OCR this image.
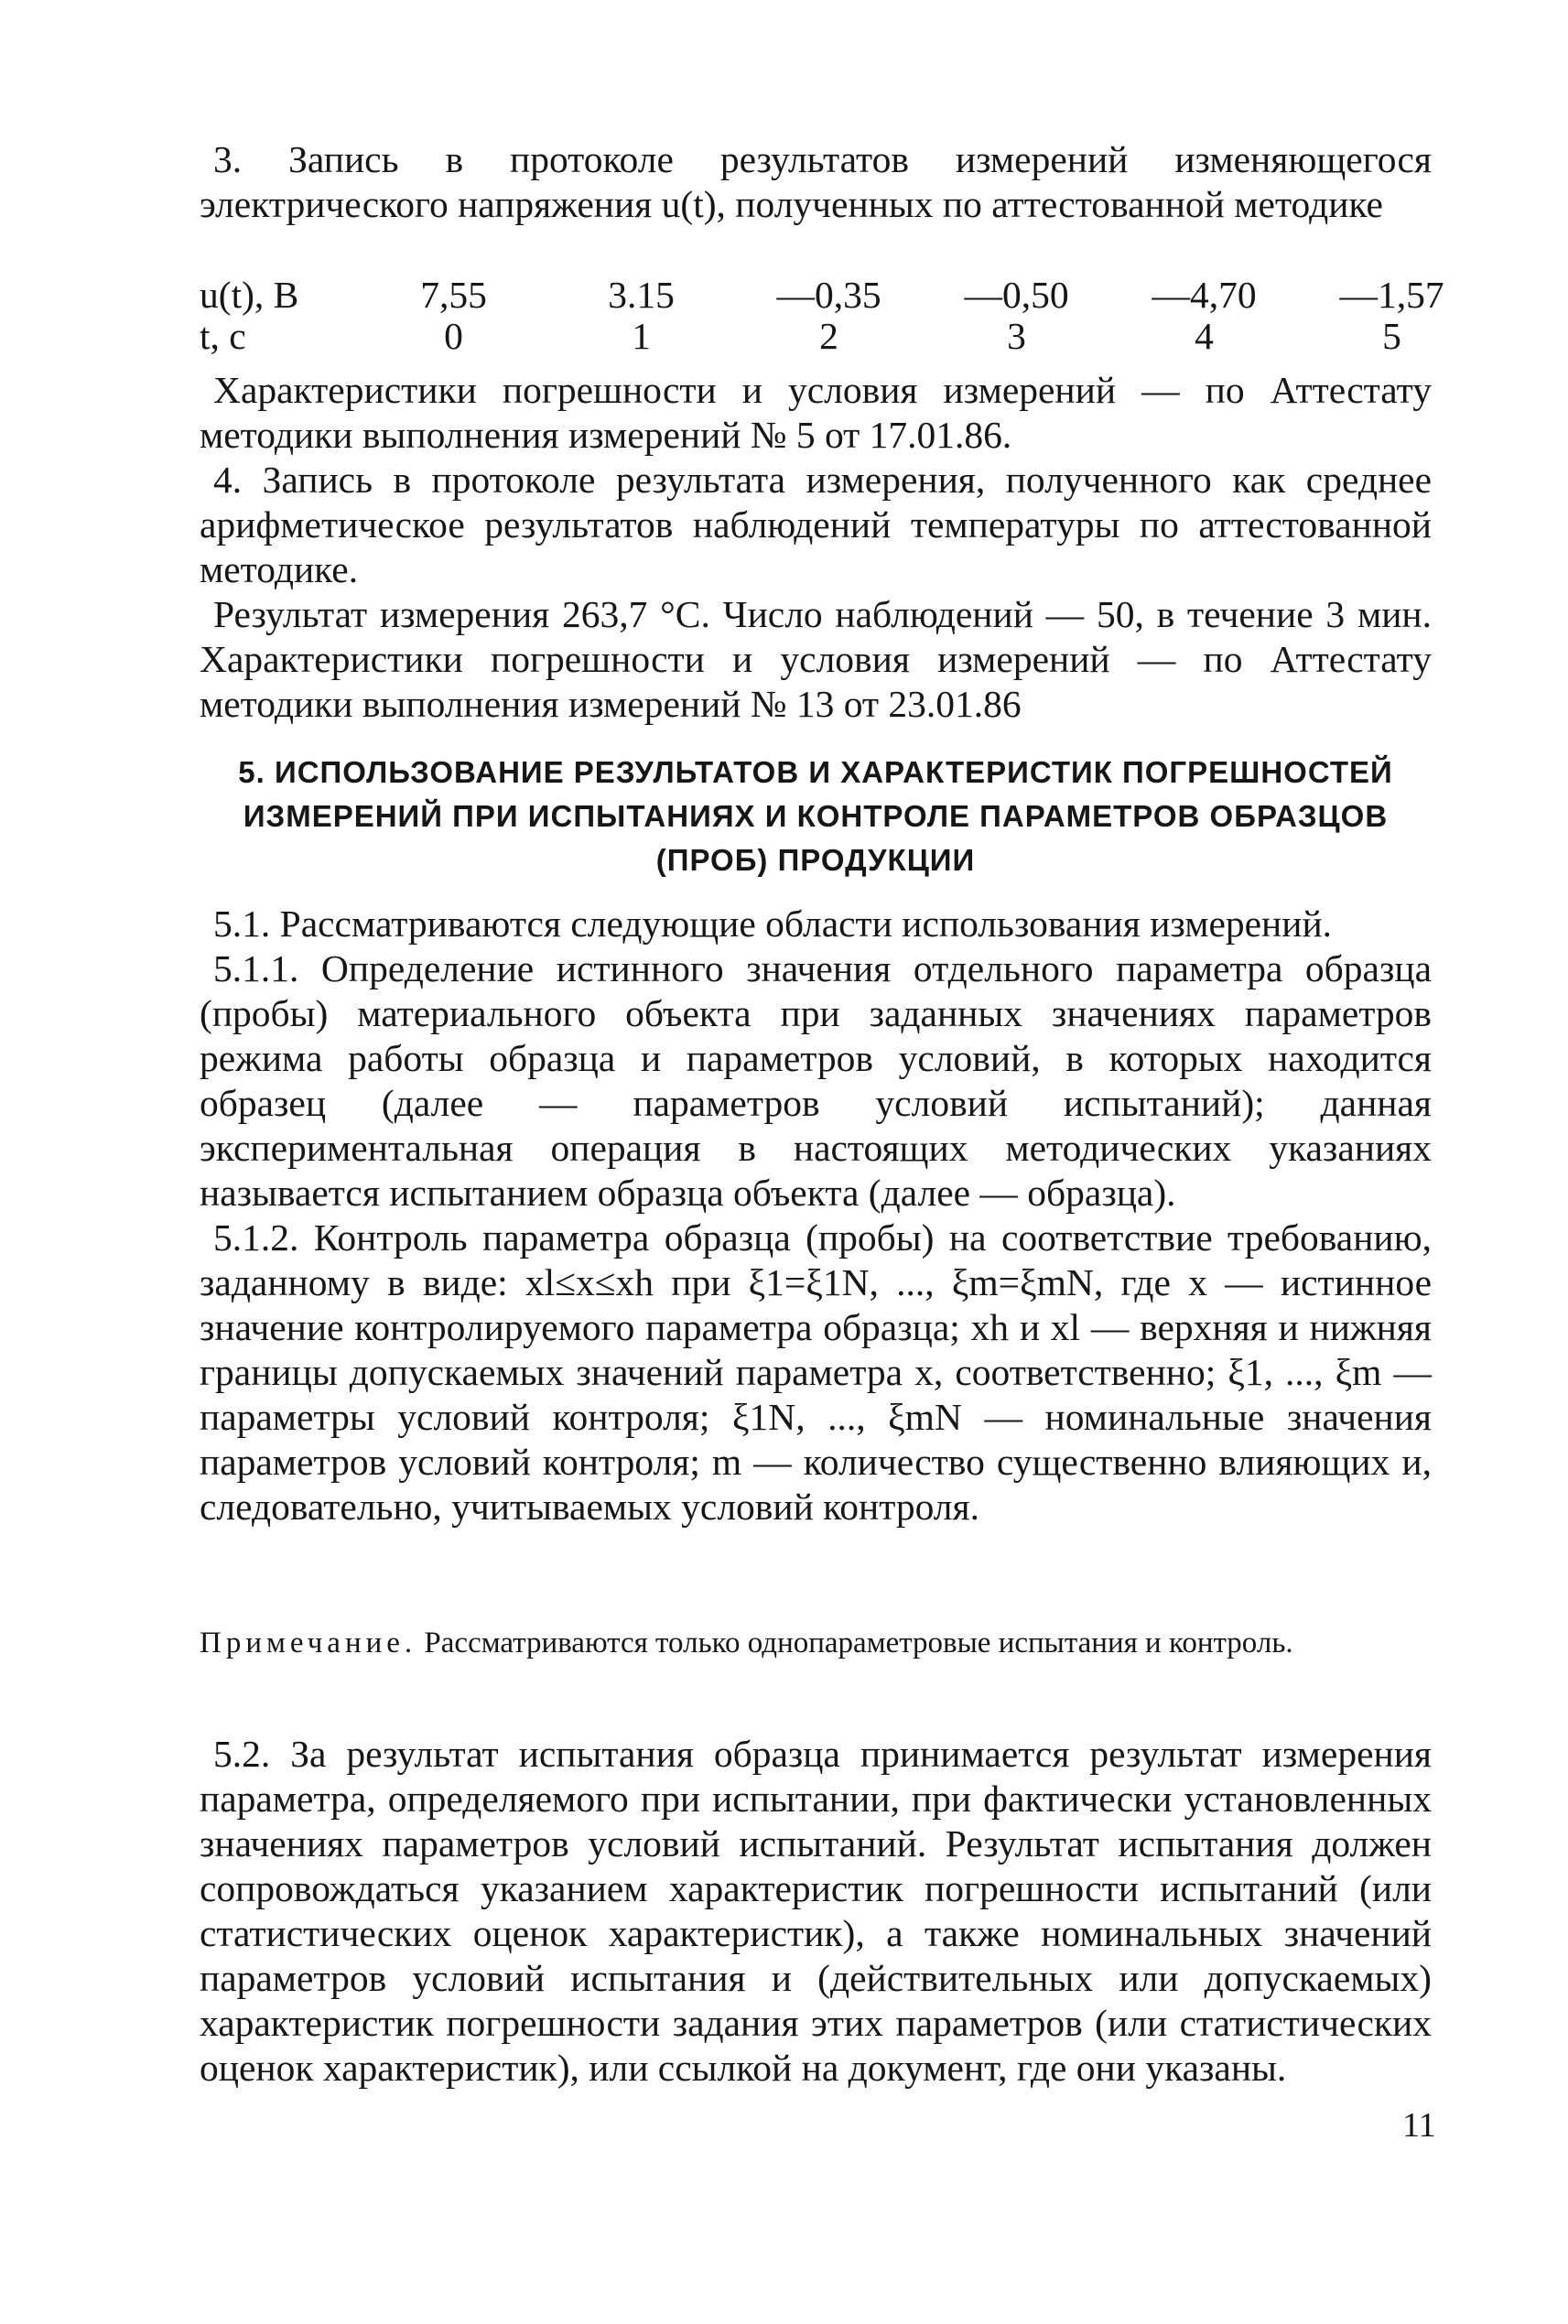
3. Запись в протоколе результатов измерений изменяющегося электрического напряжения u(t), полученных по аттестованной методике

u(t), В	7,55	3.15	—0,35	—0,50	—4,70	—1,57
t, c	0	1	2	3	4	5

Характеристики погрешности и условия измерений — по Аттестату методики выполнения измерений № 5 от 17.01.86.

4. Запись в протоколе результата измерения, полученного как среднее арифметическое результатов наблюдений температуры по аттестованной методике.

Результат измерения 263,7 °С. Число наблюдений — 50, в течение 3 мин. Характеристики погрешности и условия измерений — по Аттестату методики выполнения измерений № 13 от 23.01.86

5. ИСПОЛЬЗОВАНИЕ РЕЗУЛЬТАТОВ И ХАРАКТЕРИСТИК ПОГРЕШНОСТЕЙ
ИЗМЕРЕНИЙ ПРИ ИСПЫТАНИЯХ И КОНТРОЛЕ ПАРАМЕТРОВ ОБРАЗЦОВ
(ПРОБ) ПРОДУКЦИИ

5.1. Рассматриваются следующие области использования измерений.

5.1.1. Определение истинного значения отдельного параметра образца (пробы) материального объекта при заданных значениях параметров режима работы образца и параметров условий, в которых находится образец (далее — параметров условий испытаний); данная экспериментальная операция в настоящих методических указаниях называется испытанием образца объекта (далее — образца).

5.1.2. Контроль параметра образца (пробы) на соответствие требованию, заданному в виде: xl≤x≤xh при ξ1=ξ1N, ..., ξm=ξmN, где x — истинное значение контролируемого параметра образца; xh и xl — верхняя и нижняя границы допускаемых значений параметра x, соответственно; ξ1, ..., ξm — параметры условий контроля; ξ1N, ..., ξmN — номинальные значения параметров условий контроля; m — количество существенно влияющих и, следовательно, учитываемых условий контроля.

Примечание. Рассматриваются только однопараметровые испытания и контроль.

5.2. За результат испытания образца принимается результат измерения параметра, определяемого при испытании, при фактически установленных значениях параметров условий испытаний. Результат испытания должен сопровождаться указанием характеристик погрешности испытаний (или статистических оценок характеристик), а также номинальных значений параметров условий испытания и (действительных или допускаемых) характеристик погрешности задания этих параметров (или статистических оценок характеристик), или ссылкой на документ, где они указаны.

11
